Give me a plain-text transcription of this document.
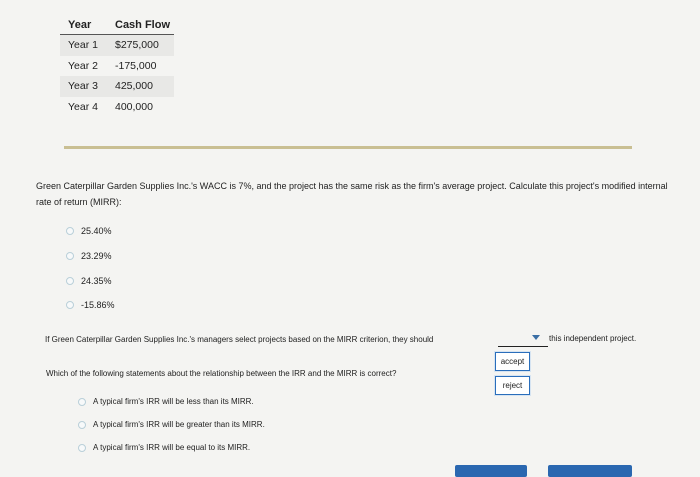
Year	Cash Flow
Year 1	$275,000
Year 2	-175,000
Year 3	425,000
Year 4	400,000
Green Caterpillar Garden Supplies Inc.'s WACC is 7%, and the project has the same risk as the firm's average project. Calculate this project's modified internal rate of return (MIRR):
25.40%
23.29%
24.35%
-15.86%
If Green Caterpillar Garden Supplies Inc.'s managers select projects based on the MIRR criterion, they should	this independent project.
accept
reject
Which of the following statements about the relationship between the IRR and the MIRR is correct?
A typical firm's IRR will be less than its MIRR.
A typical firm's IRR will be greater than its MIRR.
A typical firm's IRR will be equal to its MIRR.
